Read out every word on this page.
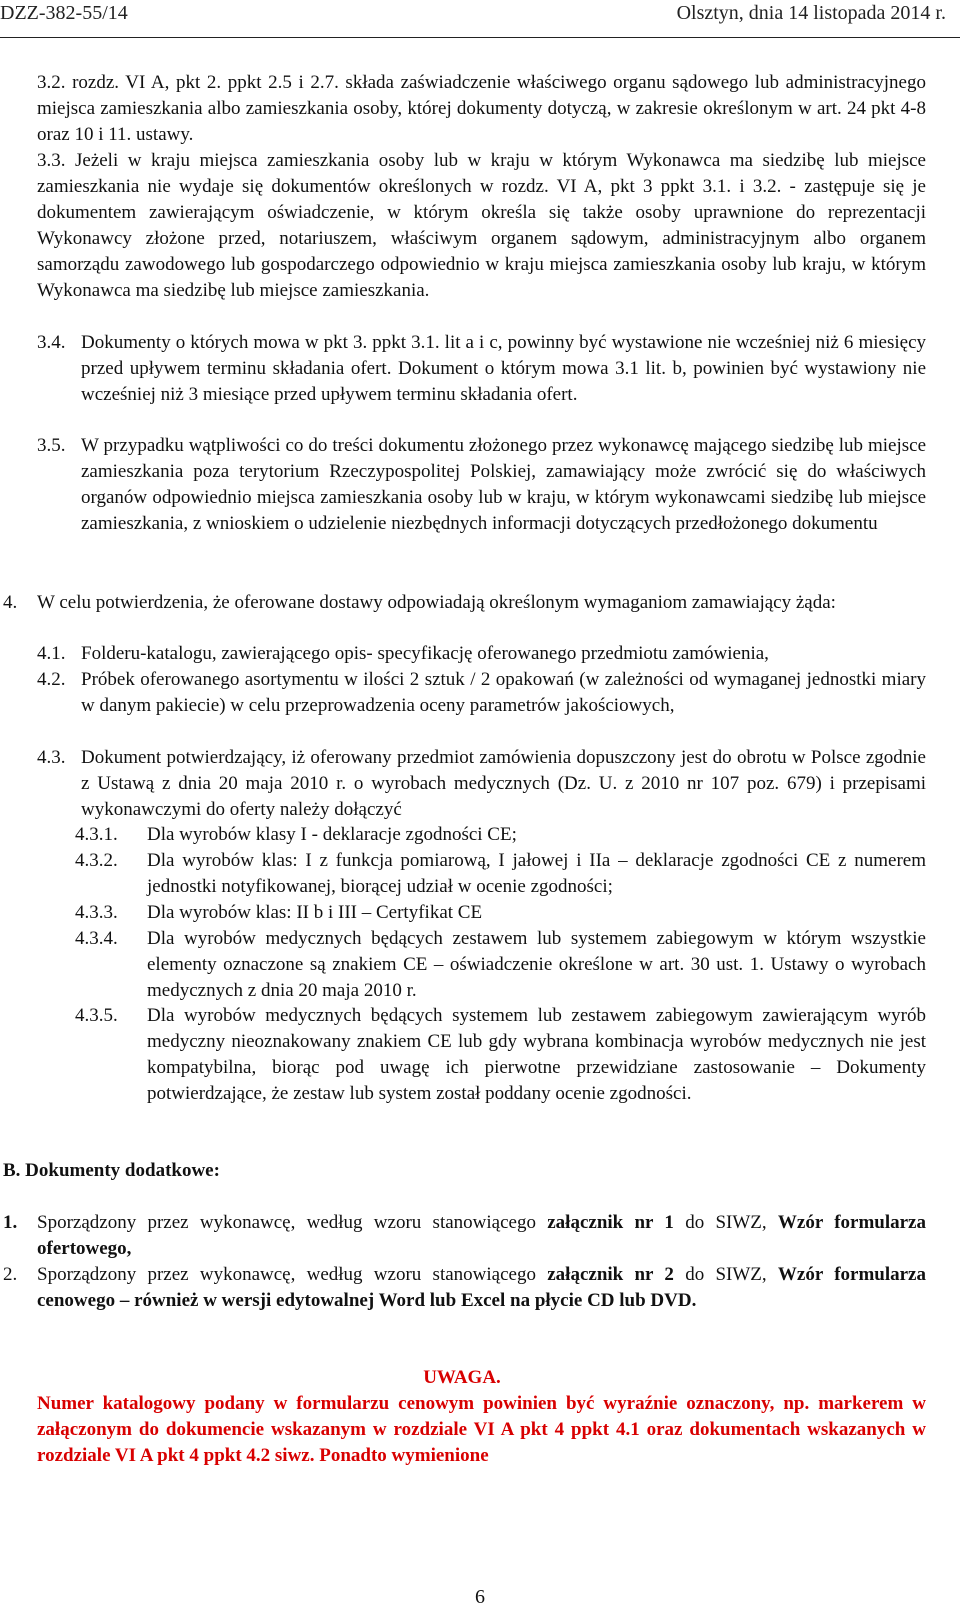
DZZ-382-55/14	Olsztyn, dnia 14 listopada 2014 r.

3.2. rozdz. VI A, pkt 2. ppkt 2.5 i 2.7. składa zaświadczenie właściwego organu sądowego lub administracyjnego miejsca zamieszkania albo zamieszkania osoby, której dokumenty dotyczą, w zakresie określonym w art. 24 pkt 4-8 oraz 10 i 11. ustawy.

3.3. Jeżeli w kraju miejsca zamieszkania osoby lub w kraju w którym Wykonawca ma siedzibę lub miejsce zamieszkania nie wydaje się dokumentów określonych w rozdz. VI A, pkt 3 ppkt 3.1. i 3.2. - zastępuje się je dokumentem zawierającym oświadczenie, w którym określa się także osoby uprawnione do reprezentacji Wykonawcy złożone przed, notariuszem, właściwym organem sądowym, administracyjnym albo organem samorządu zawodowego lub gospodarczego odpowiednio w kraju miejsca zamieszkania osoby lub kraju, w którym Wykonawca ma siedzibę lub miejsce zamieszkania.

3.4. Dokumenty o których mowa w pkt 3. ppkt 3.1. lit a i c, powinny być wystawione nie wcześniej niż 6 miesięcy przed upływem terminu składania ofert. Dokument o którym mowa 3.1 lit. b, powinien być wystawiony nie wcześniej niż 3 miesiące przed upływem terminu składania ofert.

3.5. W przypadku wątpliwości co do treści dokumentu złożonego przez wykonawcę mającego siedzibę lub miejsce zamieszkania poza terytorium Rzeczypospolitej Polskiej, zamawiający może zwrócić się do właściwych organów odpowiednio miejsca zamieszkania osoby lub w kraju, w którym wykonawcami siedzibę lub miejsce zamieszkania, z wnioskiem o udzielenie niezbędnych informacji dotyczących przedłożonego dokumentu

4. W celu potwierdzenia, że oferowane dostawy odpowiadają określonym wymaganiom zamawiający żąda:

4.1. Folderu-katalogu, zawierającego opis- specyfikację oferowanego przedmiotu zamówienia,

4.2. Próbek oferowanego asortymentu w ilości 2 sztuk / 2 opakowań (w zależności od wymaganej jednostki miary w danym pakiecie) w celu przeprowadzenia oceny parametrów jakościowych,

4.3. Dokument potwierdzający, iż oferowany przedmiot zamówienia dopuszczony jest do obrotu w Polsce zgodnie z Ustawą z dnia 20 maja 2010 r. o wyrobach medycznych (Dz. U. z 2010 nr 107 poz. 679) i przepisami wykonawczymi do oferty należy dołączyć

4.3.1. Dla wyrobów klasy I - deklaracje zgodności CE;

4.3.2. Dla wyrobów klas: I z funkcja pomiarową, I jałowej i IIa – deklaracje zgodności CE z numerem jednostki notyfikowanej, biorącej udział w ocenie zgodności;

4.3.3. Dla wyrobów klas: II b i III – Certyfikat CE

4.3.4. Dla wyrobów medycznych będących zestawem lub systemem zabiegowym w którym wszystkie elementy oznaczone są znakiem CE – oświadczenie określone w art. 30 ust. 1. Ustawy o wyrobach medycznych z dnia 20 maja 2010 r.

4.3.5. Dla wyrobów medycznych będących systemem lub zestawem zabiegowym zawierającym wyrób medyczny nieoznakowany znakiem CE lub gdy wybrana kombinacja wyrobów medycznych nie jest kompatybilna, biorąc pod uwagę ich pierwotne przewidziane zastosowanie – Dokumenty potwierdzające, że zestaw lub system został poddany ocenie zgodności.

B. Dokumenty dodatkowe:
1. Sporządzony przez wykonawcę, według wzoru stanowiącego załącznik nr 1 do SIWZ, Wzór formularza ofertowego,

2. Sporządzony przez wykonawcę, według wzoru stanowiącego załącznik nr 2 do SIWZ, Wzór formularza cenowego – również w wersji edytowalnej Word lub Excel na płycie CD lub DVD.

UWAGA.

Numer katalogowy podany w formularzu cenowym powinien być wyraźnie oznaczony, np. markerem w załączonym do dokumencie wskazanym w rozdziale VI A pkt 4 ppkt 4.1 oraz dokumentach wskazanych w rozdziale VI A pkt 4 ppkt 4.2 siwz. Ponadto wymienione

6
